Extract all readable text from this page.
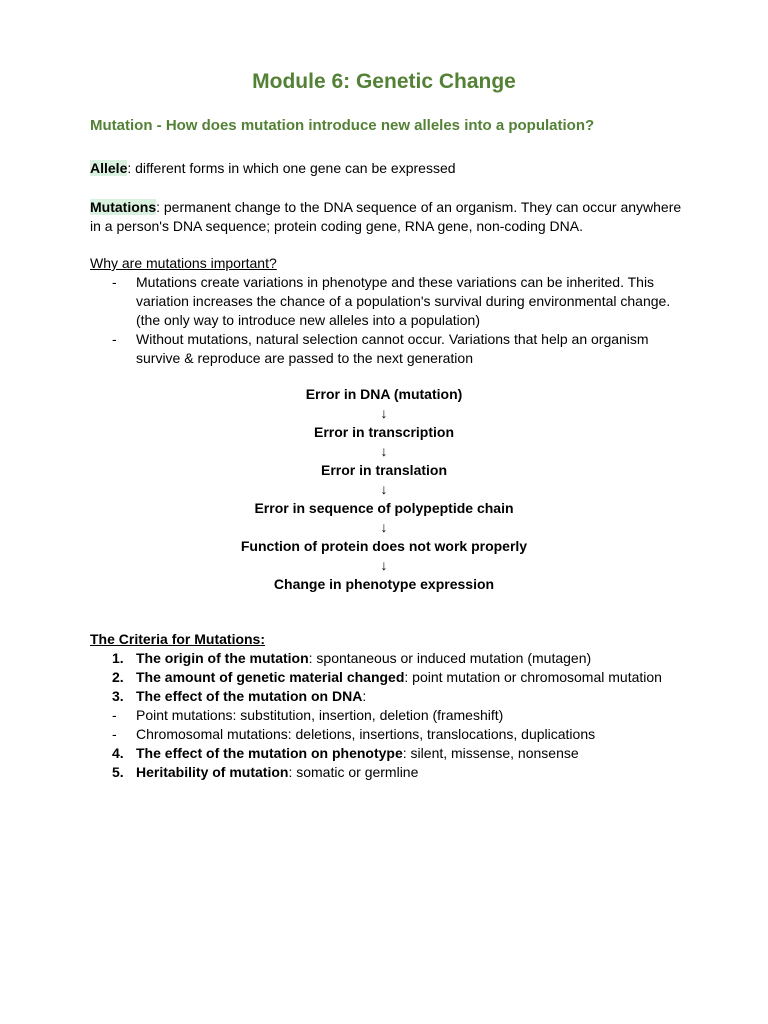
Module 6: Genetic Change
Mutation - How does mutation introduce new alleles into a population?
Allele: different forms in which one gene can be expressed
Mutations: permanent change to the DNA sequence of an organism. They can occur anywhere
in a person's DNA sequence; protein coding gene, RNA gene, non-coding DNA.
Why are mutations important?
- Mutations create variations in phenotype and these variations can be inherited. This
variation increases the chance of a population's survival during environmental change.
(the only way to introduce new alleles into a population)
- Without mutations, natural selection cannot occur. Variations that help an organism
survive & reproduce are passed to the next generation
Error in DNA (mutation)
↓
Error in transcription
↓
Error in translation
↓
Error in sequence of polypeptide chain
↓
Function of protein does not work properly
↓
Change in phenotype expression
The Criteria for Mutations:
1. The origin of the mutation: spontaneous or induced mutation (mutagen)
2. The amount of genetic material changed: point mutation or chromosomal mutation
3. The effect of the mutation on DNA:
- Point mutations: substitution, insertion, deletion (frameshift)
- Chromosomal mutations: deletions, insertions, translocations, duplications
4. The effect of the mutation on phenotype: silent, missense, nonsense
5. Heritability of mutation: somatic or germline
